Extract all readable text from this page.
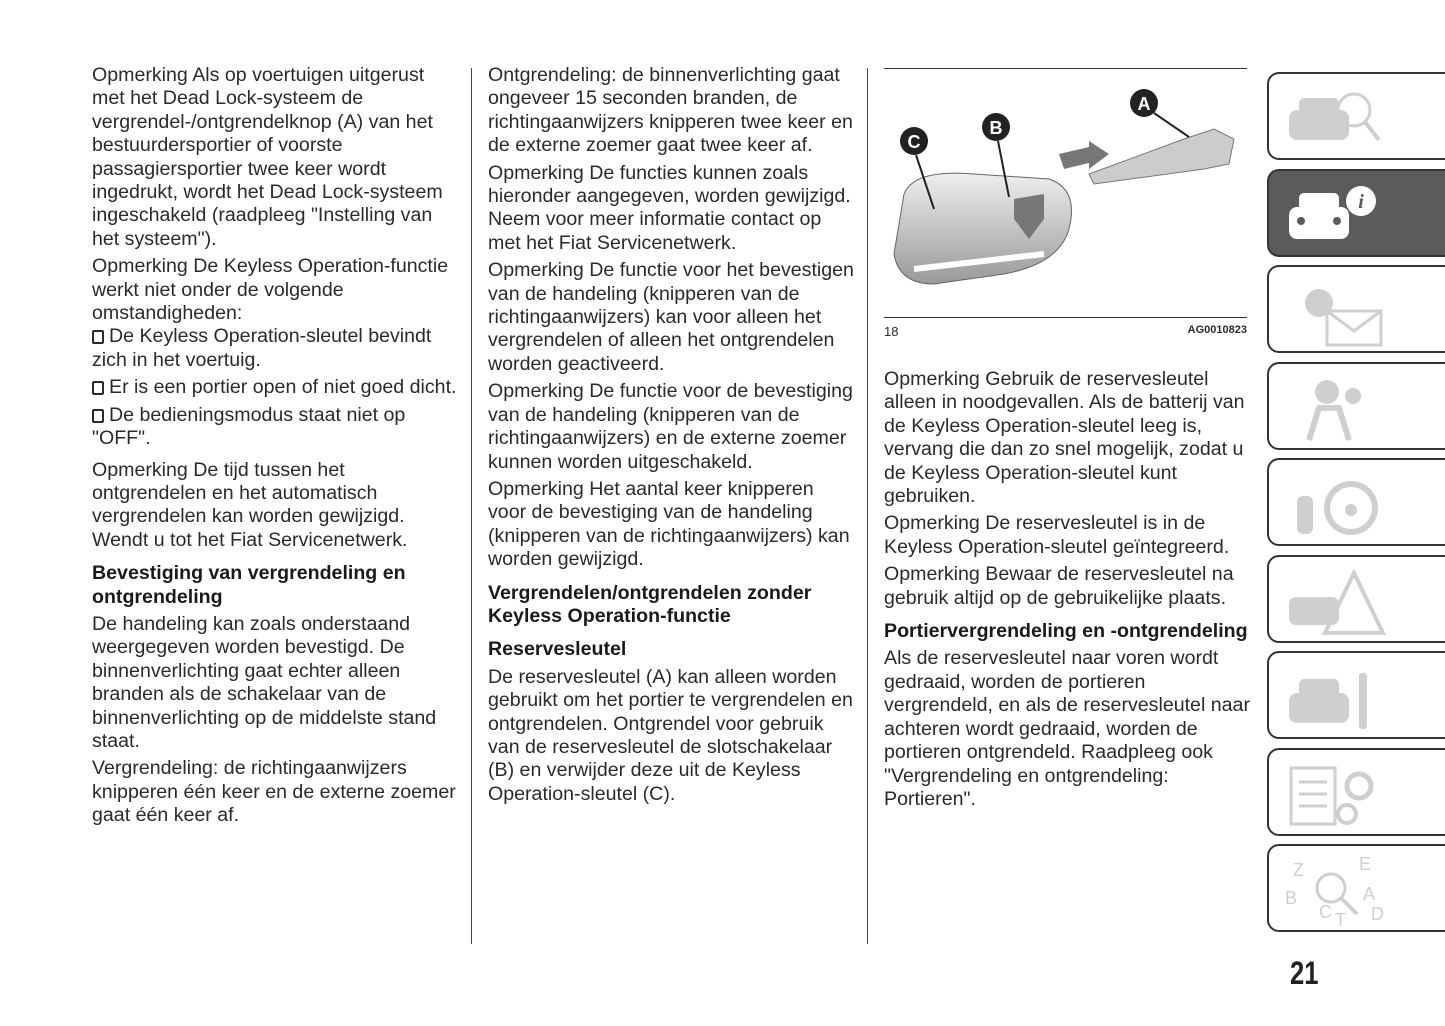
Opmerking Als op voertuigen uitgerust met het Dead Lock-systeem de vergrendel-/ontgrendelknop (A) van het bestuurdersportier of voorste passagiersportier twee keer wordt ingedrukt, wordt het Dead Lock-systeem ingeschakeld (raadpleeg "Instelling van het systeem").

Opmerking De Keyless Operation-functie werkt niet onder de volgende omstandigheden:

De Keyless Operation-sleutel bevindt zich in het voertuig.

Er is een portier open of niet goed dicht.

De bedieningsmodus staat niet op "OFF".

Opmerking De tijd tussen het ontgrendelen en het automatisch vergrendelen kan worden gewijzigd. Wendt u tot het Fiat Servicenetwerk.

Bevestiging van vergrendeling en ontgrendeling

De handeling kan zoals onderstaand weergegeven worden bevestigd. De binnenverlichting gaat echter alleen branden als de schakelaar van de binnenverlichting op de middelste stand staat.

Vergrendeling: de richtingaanwijzers knipperen één keer en de externe zoemer gaat één keer af.

Ontgrendeling: de binnenverlichting gaat ongeveer 15 seconden branden, de richtingaanwijzers knipperen twee keer en de externe zoemer gaat twee keer af.

Opmerking De functies kunnen zoals hieronder aangegeven, worden gewijzigd. Neem voor meer informatie contact op met het Fiat Servicenetwerk.

Opmerking De functie voor het bevestigen van de handeling (knipperen van de richtingaanwijzers) kan voor alleen het vergrendelen of alleen het ontgrendelen worden geactiveerd.

Opmerking De functie voor de bevestiging van de handeling (knipperen van de richtingaanwijzers) en de externe zoemer kunnen worden uitgeschakeld.

Opmerking Het aantal keer knipperen voor de bevestiging van de handeling (knipperen van de richtingaanwijzers) kan worden gewijzigd.

Vergrendelen/ontgrendelen zonder Keyless Operation-functie
Reservesleutel

De reservesleutel (A) kan alleen worden gebruikt om het portier te vergrendelen en ontgrendelen. Ontgrendel voor gebruik van de reservesleutel de slotschakelaar (B) en verwijder deze uit de Keyless Operation-sleutel (C).

C
B
A
18	AG0010823

Opmerking Gebruik de reservesleutel alleen in noodgevallen. Als de batterij van de Keyless Operation-sleutel leeg is, vervang die dan zo snel mogelijk, zodat u de Keyless Operation-sleutel kunt gebruiken.

Opmerking De reservesleutel is in de Keyless Operation-sleutel geïntegreerd.

Opmerking Bewaar de reservesleutel na gebruik altijd op de gebruikelijke plaats.

Portiervergrendeling en -ontgrendeling

Als de reservesleutel naar voren wordt gedraaid, worden de portieren vergrendeld, en als de reservesleutel naar achteren wordt gedraaid, worden de portieren ontgrendeld. Raadpleeg ook "Vergrendeling en ontgrendeling: Portieren".

i
Z	E
A
B
C T D
21
